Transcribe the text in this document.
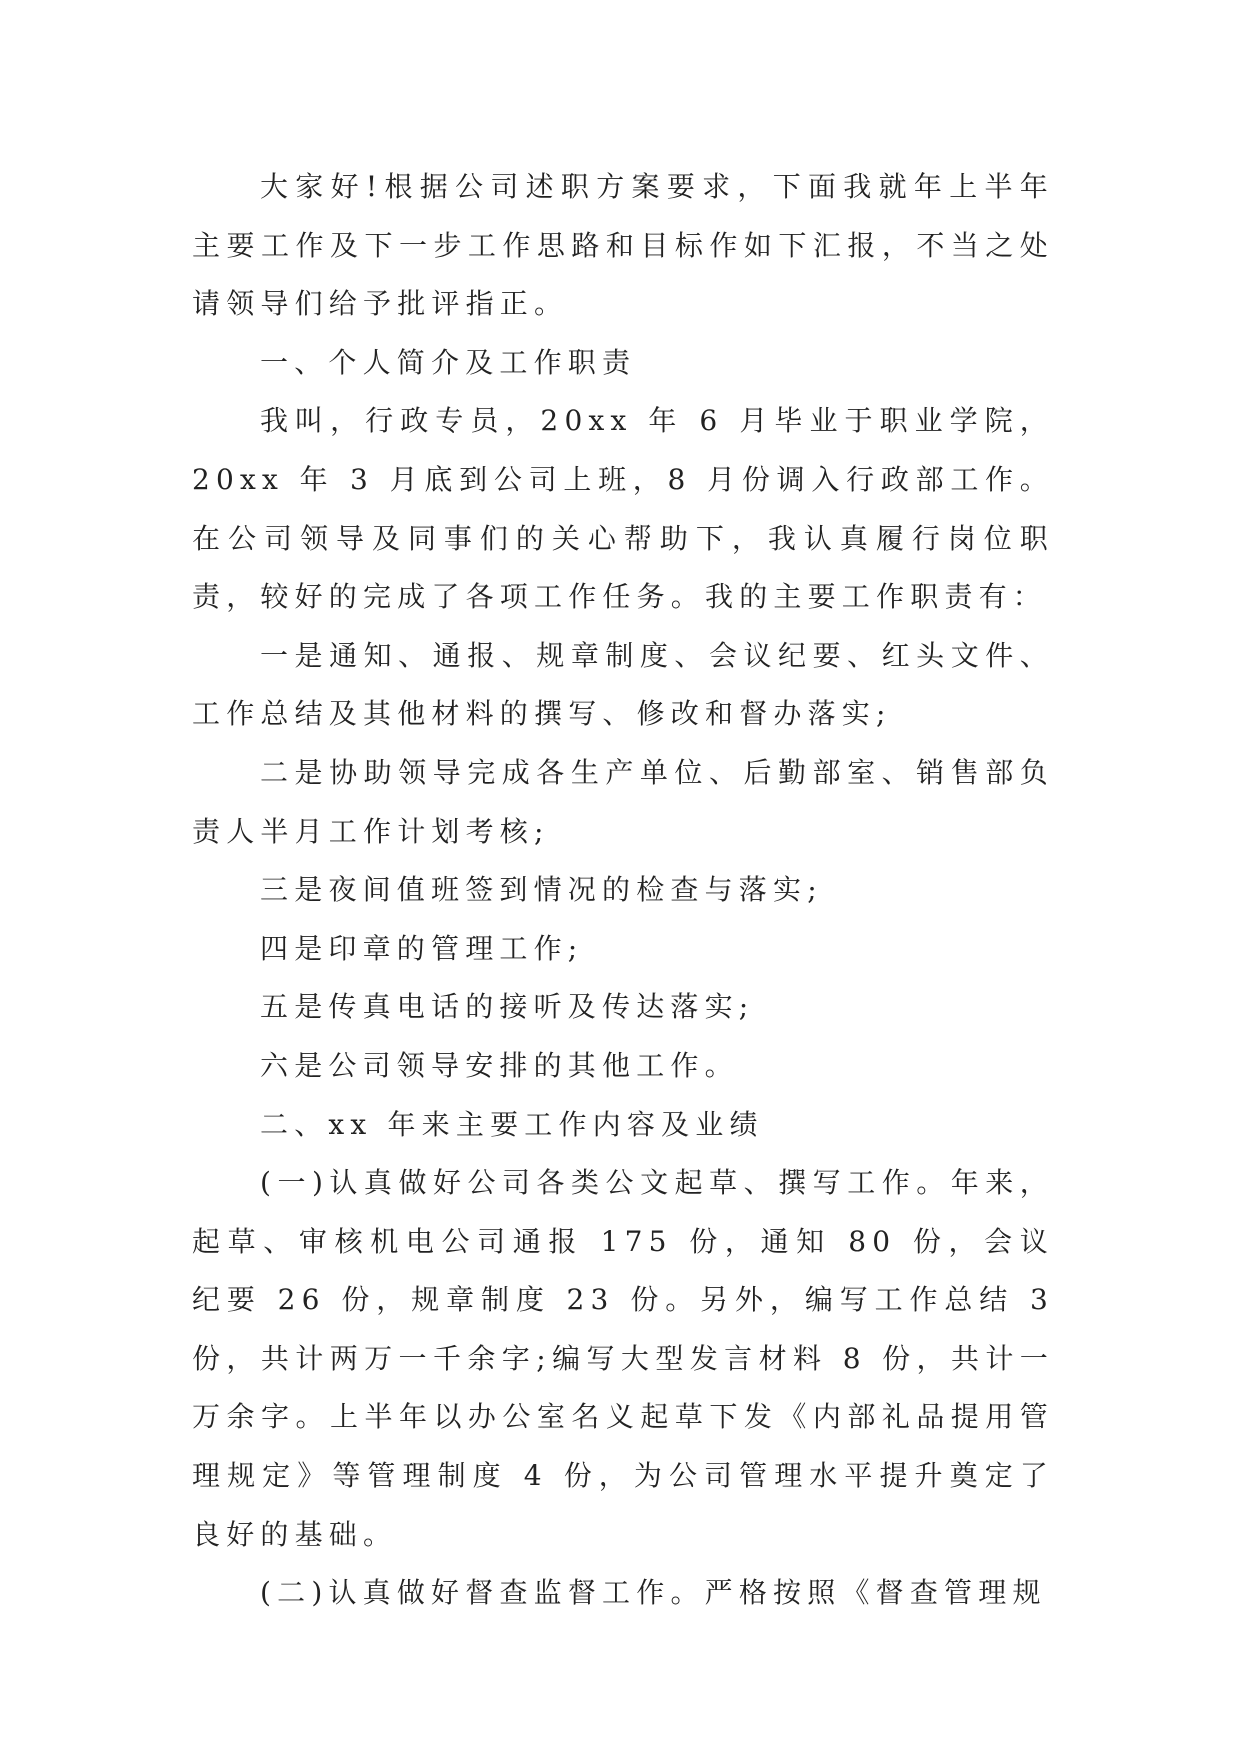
大家好!根据公司述职方案要求，下面我就年上半年主要工作及下一步工作思路和目标作如下汇报，不当之处请领导们给予批评指正。

一、个人简介及工作职责

我叫，行政专员，20xx 年 6 月毕业于职业学院，20xx 年 3 月底到公司上班，8 月份调入行政部工作。在公司领导及同事们的关心帮助下，我认真履行岗位职责，较好的完成了各项工作任务。我的主要工作职责有：

一是通知、通报、规章制度、会议纪要、红头文件、工作总结及其他材料的撰写、修改和督办落实;

二是协助领导完成各生产单位、后勤部室、销售部负责人半月工作计划考核;

三是夜间值班签到情况的检查与落实;

四是印章的管理工作;

五是传真电话的接听及传达落实;

六是公司领导安排的其他工作。

二、xx 年来主要工作内容及业绩

(一)认真做好公司各类公文起草、撰写工作。年来，起草、审核机电公司通报 175 份，通知 80 份，会议纪要 26 份，规章制度 23 份。另外，编写工作总结 3 份，共计两万一千余字;编写大型发言材料 8 份，共计一万余字。上半年以办公室名义起草下发《内部礼品提用管理规定》等管理制度 4 份，为公司管理水平提升奠定了良好的基础。

(二)认真做好督查监督工作。严格按照《督查管理规
